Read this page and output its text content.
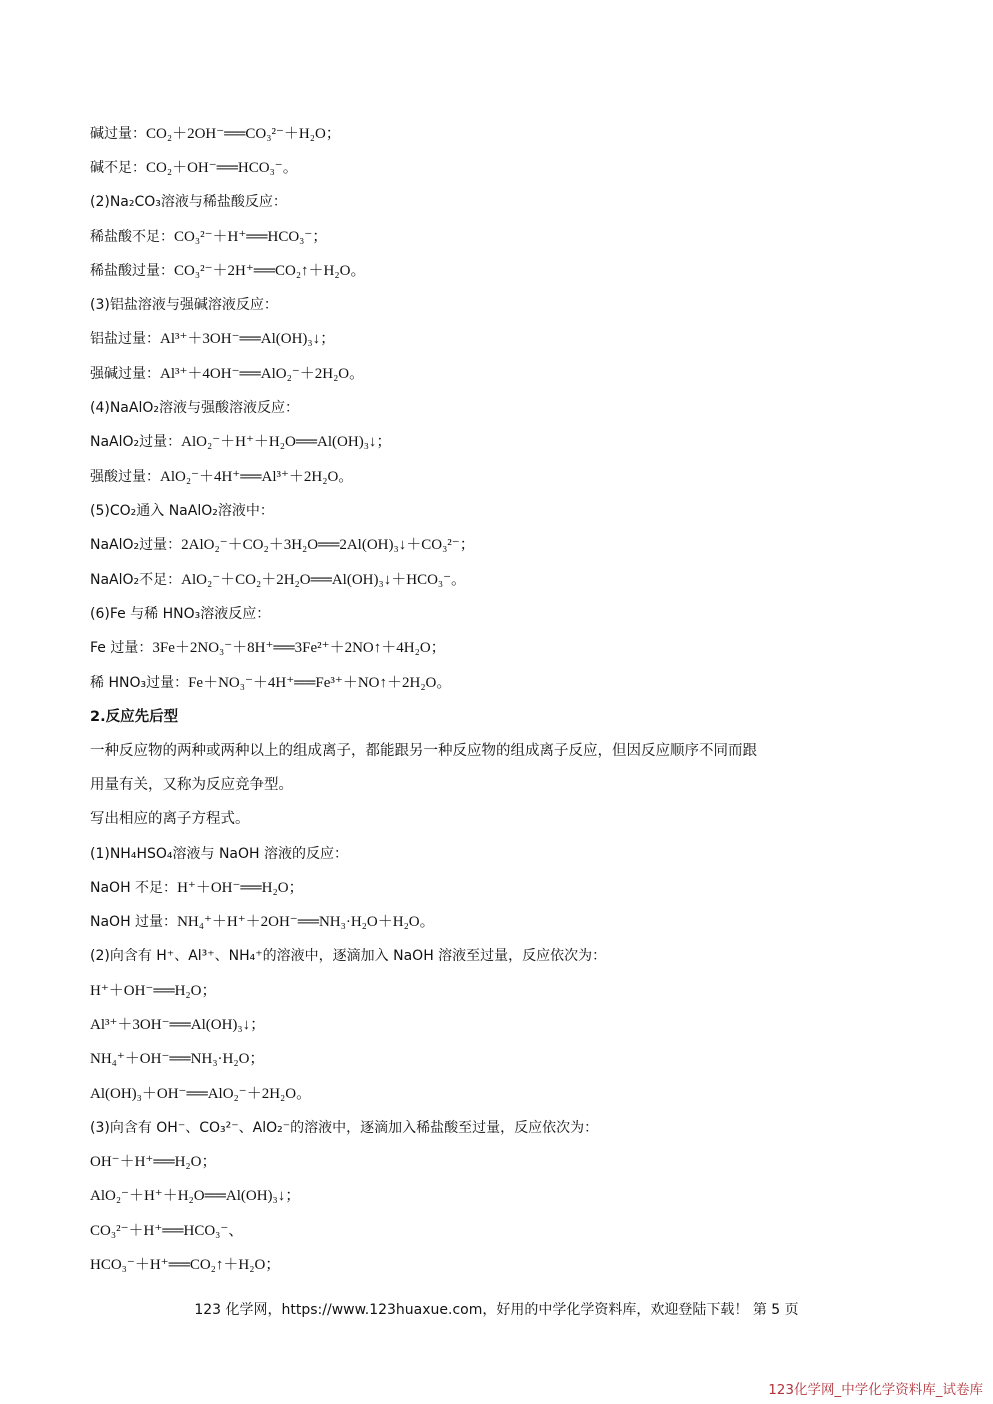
碱过量：CO₂＋2OH⁻══CO₃²⁻＋H₂O；
碱不足：CO₂＋OH⁻══HCO₃⁻。
(2)Na₂CO₃溶液与稀盐酸反应：
稀盐酸不足：CO₃²⁻＋H⁺══HCO₃⁻；
稀盐酸过量：CO₃²⁻＋2H⁺══CO₂↑＋H₂O。
(3)铝盐溶液与强碱溶液反应：
铝盐过量：Al³⁺＋3OH⁻══Al(OH)₃↓；
强碱过量：Al³⁺＋4OH⁻══AlO₂⁻＋2H₂O。
(4)NaAlO₂溶液与强酸溶液反应：
NaAlO₂过量：AlO₂⁻＋H⁺＋H₂O══Al(OH)₃↓；
强酸过量：AlO₂⁻＋4H⁺══Al³⁺＋2H₂O。
(5)CO₂通入 NaAlO₂溶液中：
NaAlO₂过量：2AlO₂⁻＋CO₂＋3H₂O══2Al(OH)₃↓＋CO₃²⁻；
NaAlO₂不足：AlO₂⁻＋CO₂＋2H₂O══Al(OH)₃↓＋HCO₃⁻。
(6)Fe 与稀 HNO₃溶液反应：
Fe 过量：3Fe＋2NO₃⁻＋8H⁺══3Fe²⁺＋2NO↑＋4H₂O；
稀 HNO₃过量：Fe＋NO₃⁻＋4H⁺══Fe³⁺＋NO↑＋2H₂O。
2.反应先后型
一种反应物的两种或两种以上的组成离子，都能跟另一种反应物的组成离子反应，但因反应顺序不同而跟
用量有关，又称为反应竞争型。
写出相应的离子方程式。
(1)NH₄HSO₄溶液与 NaOH 溶液的反应：
NaOH 不足：H⁺＋OH⁻══H₂O；
NaOH 过量：NH₄⁺＋H⁺＋2OH⁻══NH₃·H₂O＋H₂O。
(2)向含有 H⁺、Al³⁺、NH₄⁺的溶液中，逐滴加入 NaOH 溶液至过量，反应依次为：
H⁺＋OH⁻══H₂O；
Al³⁺＋3OH⁻══Al(OH)₃↓；
NH₄⁺＋OH⁻══NH₃·H₂O；
Al(OH)₃＋OH⁻══AlO₂⁻＋2H₂O。
(3)向含有 OH⁻、CO₃²⁻、AlO₂⁻的溶液中，逐滴加入稀盐酸至过量，反应依次为：
OH⁻＋H⁺══H₂O；
AlO₂⁻＋H⁺＋H₂O══Al(OH)₃↓；
CO₃²⁻＋H⁺══HCO₃⁻、
HCO₃⁻＋H⁺══CO₂↑＋H₂O；
123 化学网，https://www.123huaxue.com，好用的中学化学资料库，欢迎登陆下载！ 第 5 页
123化学网_中学化学资料库_试卷库
